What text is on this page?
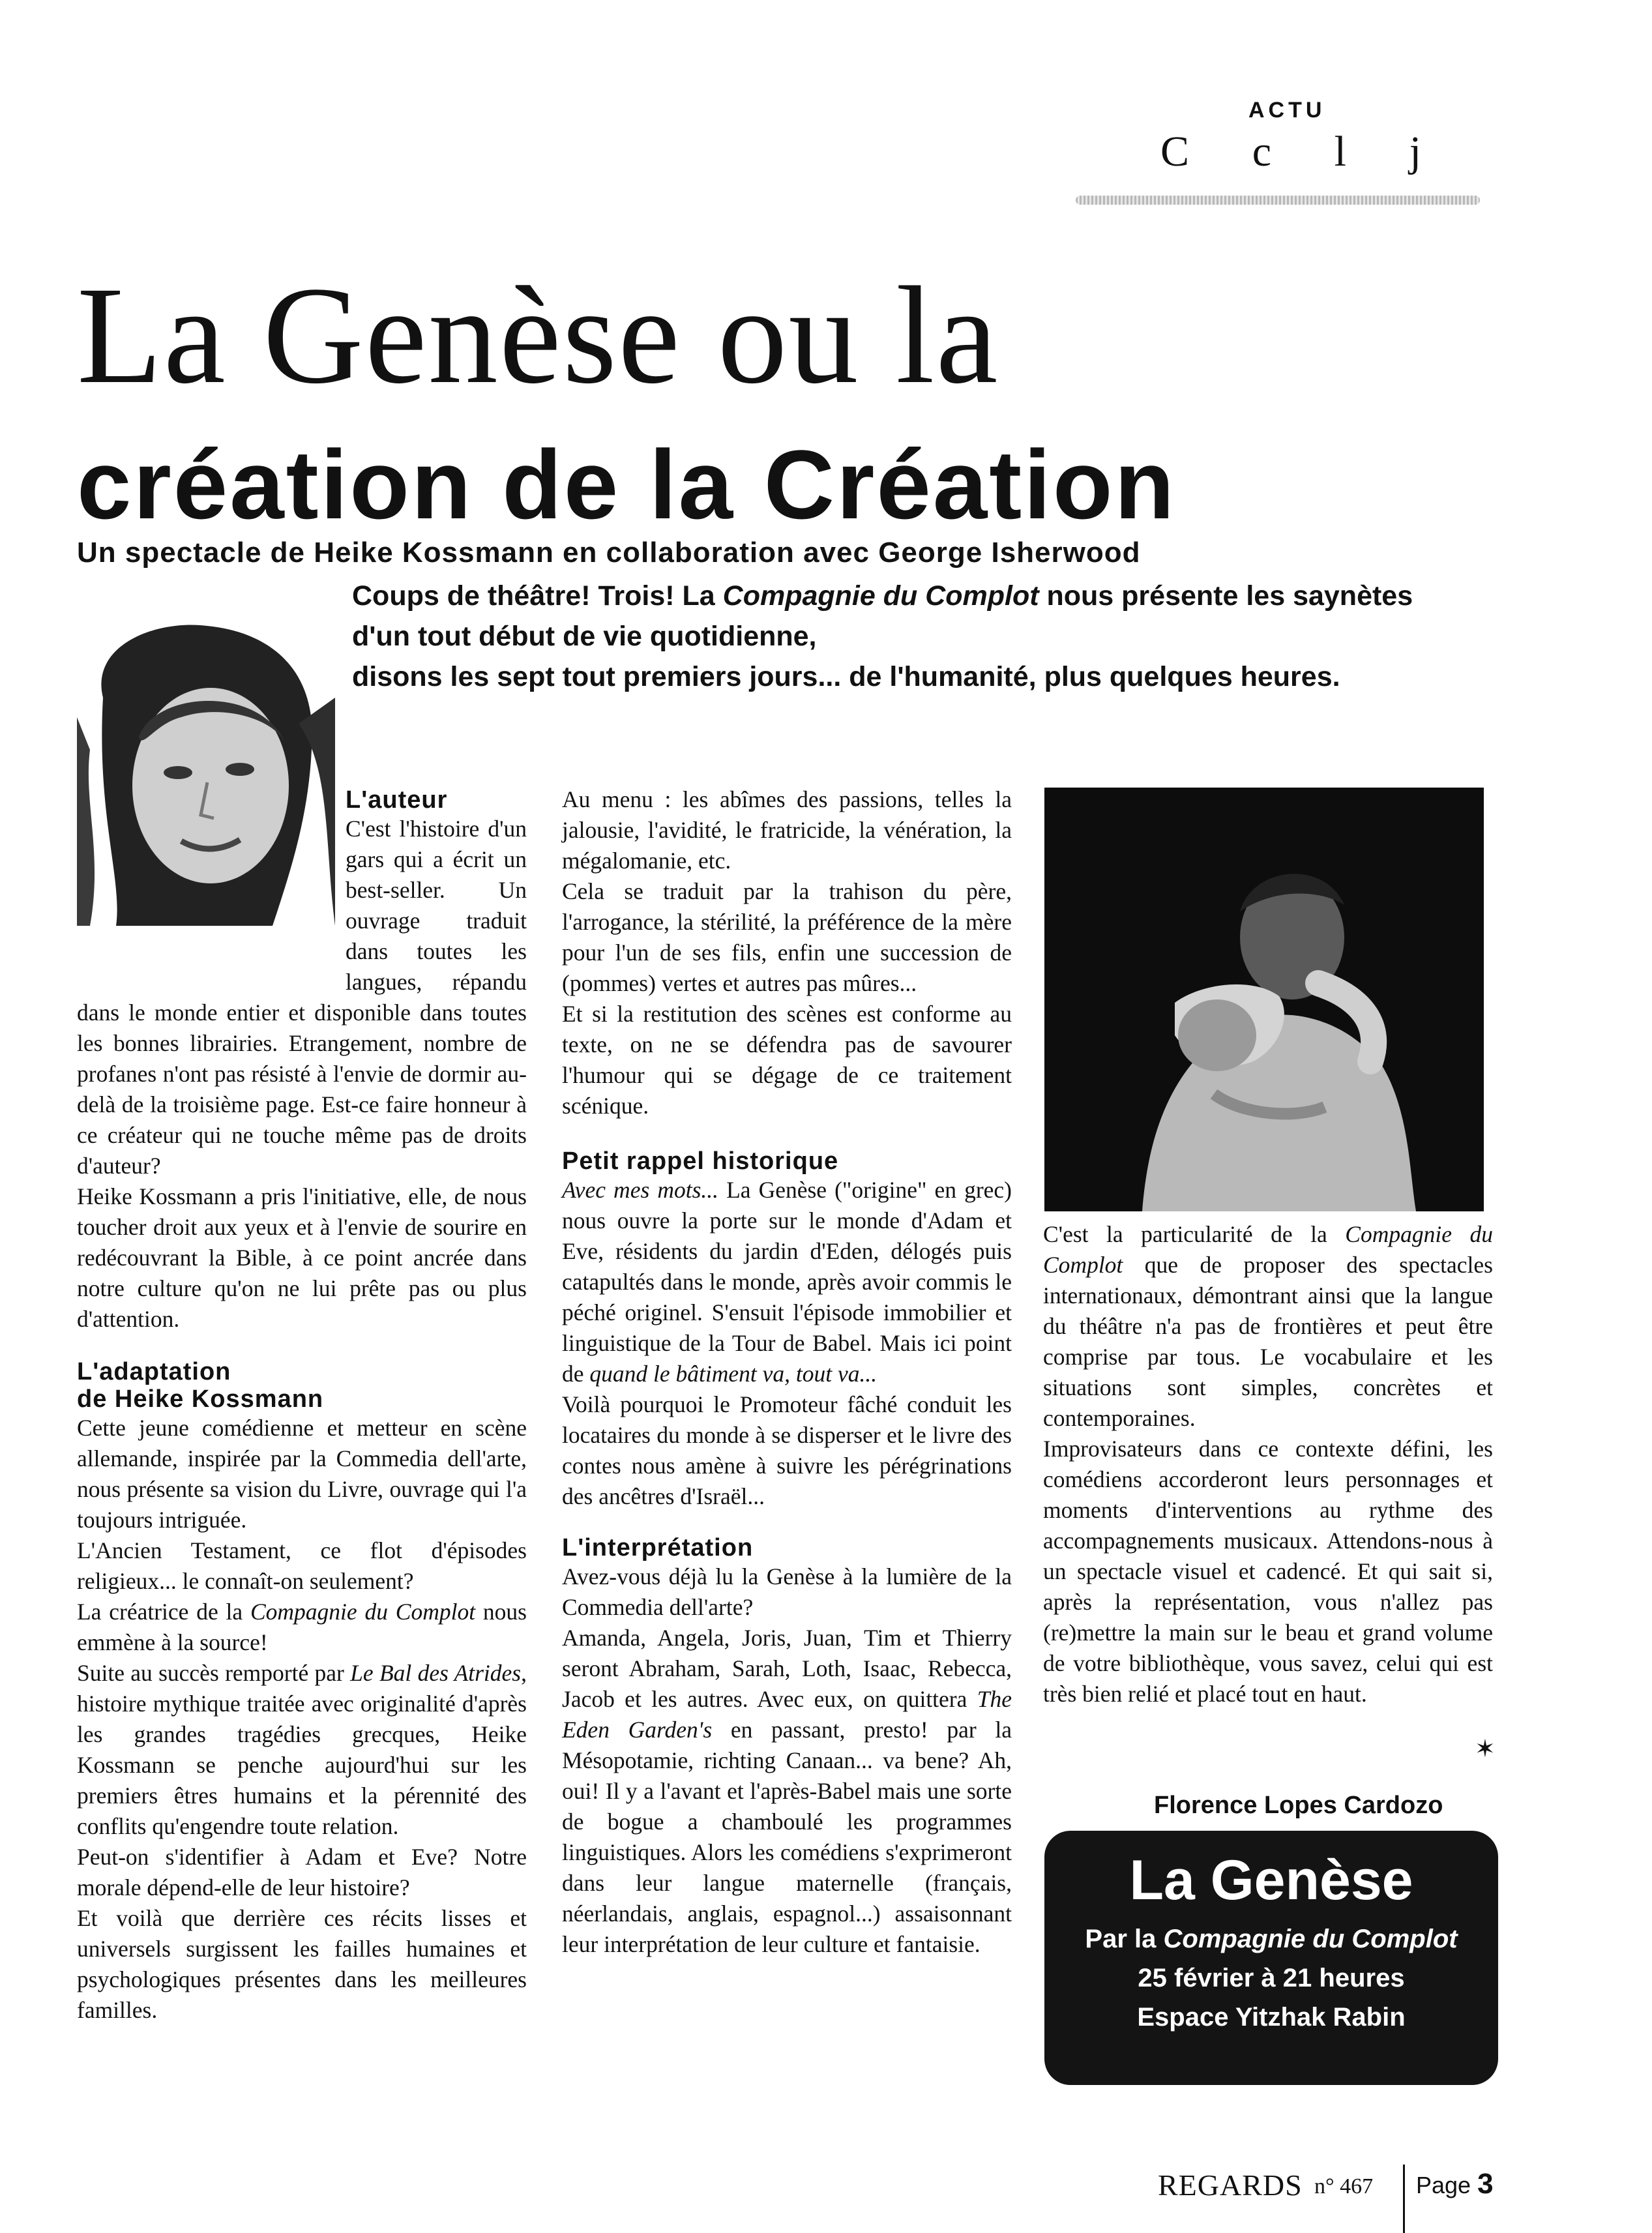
ACTU
C c l j
La Genèse ou la
création de la Création
Un spectacle de Heike Kossmann en collaboration avec George Isherwood
Coups de théâtre! Trois! La Compagnie du Complot nous présente les saynètes
d'un tout début de vie quotidienne,
disons les sept tout premiers jours... de l'humanité, plus quelques heures.
L'auteur

C'est l'histoire d'un gars qui a écrit un best-seller. Un ouvrage traduit dans toutes les langues, répandu dans le monde entier et disponible dans toutes les bonnes librairies. Etrangement, nombre de profanes n'ont pas résisté à l'envie de dormir au-delà de la troisième page. Est-ce faire honneur à ce créateur qui ne touche même pas de droits d'auteur?

Heike Kossmann a pris l'initiative, elle, de nous toucher droit aux yeux et à l'envie de sourire en redécouvrant la Bible, à ce point ancrée dans notre culture qu'on ne lui prête pas ou plus d'attention.

L'adaptation
de Heike Kossmann

Cette jeune comédienne et metteur en scène allemande, inspirée par la Commedia dell'arte, nous présente sa vision du Livre, ouvrage qui l'a toujours intriguée.

L'Ancien Testament, ce flot d'épisodes religieux... le connaît-on seulement?

La créatrice de la Compagnie du Complot nous emmène à la source!

Suite au succès remporté par Le Bal des Atrides, histoire mythique traitée avec originalité d'après les grandes tragédies grecques, Heike Kossmann se penche aujourd'hui sur les premiers êtres humains et la pérennité des conflits qu'engendre toute relation.

Peut-on s'identifier à Adam et Eve? Notre morale dépend-elle de leur histoire?

Et voilà que derrière ces récits lisses et universels surgissent les failles humaines et psychologiques présentes dans les meilleures familles.

Au menu : les abîmes des passions, telles la jalousie, l'avidité, le fratricide, la vénération, la mégalomanie, etc.

Cela se traduit par la trahison du père, l'arrogance, la stérilité, la préférence de la mère pour l'un de ses fils, enfin une succession de (pommes) vertes et autres pas mûres...

Et si la restitution des scènes est conforme au texte, on ne se défendra pas de savourer l'humour qui se dégage de ce traitement scénique.

Petit rappel historique

Avec mes mots... La Genèse ("origine" en grec) nous ouvre la porte sur le monde d'Adam et Eve, résidents du jardin d'Eden, délogés puis catapultés dans le monde, après avoir commis le péché originel. S'ensuit l'épisode immobilier et linguistique de la Tour de Babel. Mais ici point de quand le bâtiment va, tout va...

Voilà pourquoi le Promoteur fâché conduit les locataires du monde à se disperser et le livre des contes nous amène à suivre les pérégrinations des ancêtres d'Israël...

L'interprétation

Avez-vous déjà lu la Genèse à la lumière de la Commedia dell'arte?

Amanda, Angela, Joris, Juan, Tim et Thierry seront Abraham, Sarah, Loth, Isaac, Rebecca, Jacob et les autres. Avec eux, on quittera The Eden Garden's en passant, presto! par la Mésopotamie, richting Canaan... va bene? Ah, oui! Il y a l'avant et l'après-Babel mais une sorte de bogue a chamboulé les programmes linguistiques. Alors les comédiens s'exprimeront dans leur langue maternelle (français, néerlandais, anglais, espagnol...) assaisonnant leur interprétation de leur culture et fantaisie.

C'est la particularité de la Compagnie du Complot que de proposer des spectacles internationaux, démontrant ainsi que la langue du théâtre n'a pas de frontières et peut être comprise par tous. Le vocabulaire et les situations sont simples, concrètes et contemporaines.

Improvisateurs dans ce contexte défini, les comédiens accorderont leurs personnages et moments d'interventions au rythme des accompagnements musicaux. Attendons-nous à un spectacle visuel et cadencé. Et qui sait si, après la représentation, vous n'allez pas (re)mettre la main sur le beau et grand volume de votre bibliothèque, vous savez, celui qui est très bien relié et placé tout en haut.

✶
Florence Lopes Cardozo
La Genèse
Par la Compagnie du Complot
25 février à 21 heures
Espace Yitzhak Rabin
REGARDS n° 467 Page 3
